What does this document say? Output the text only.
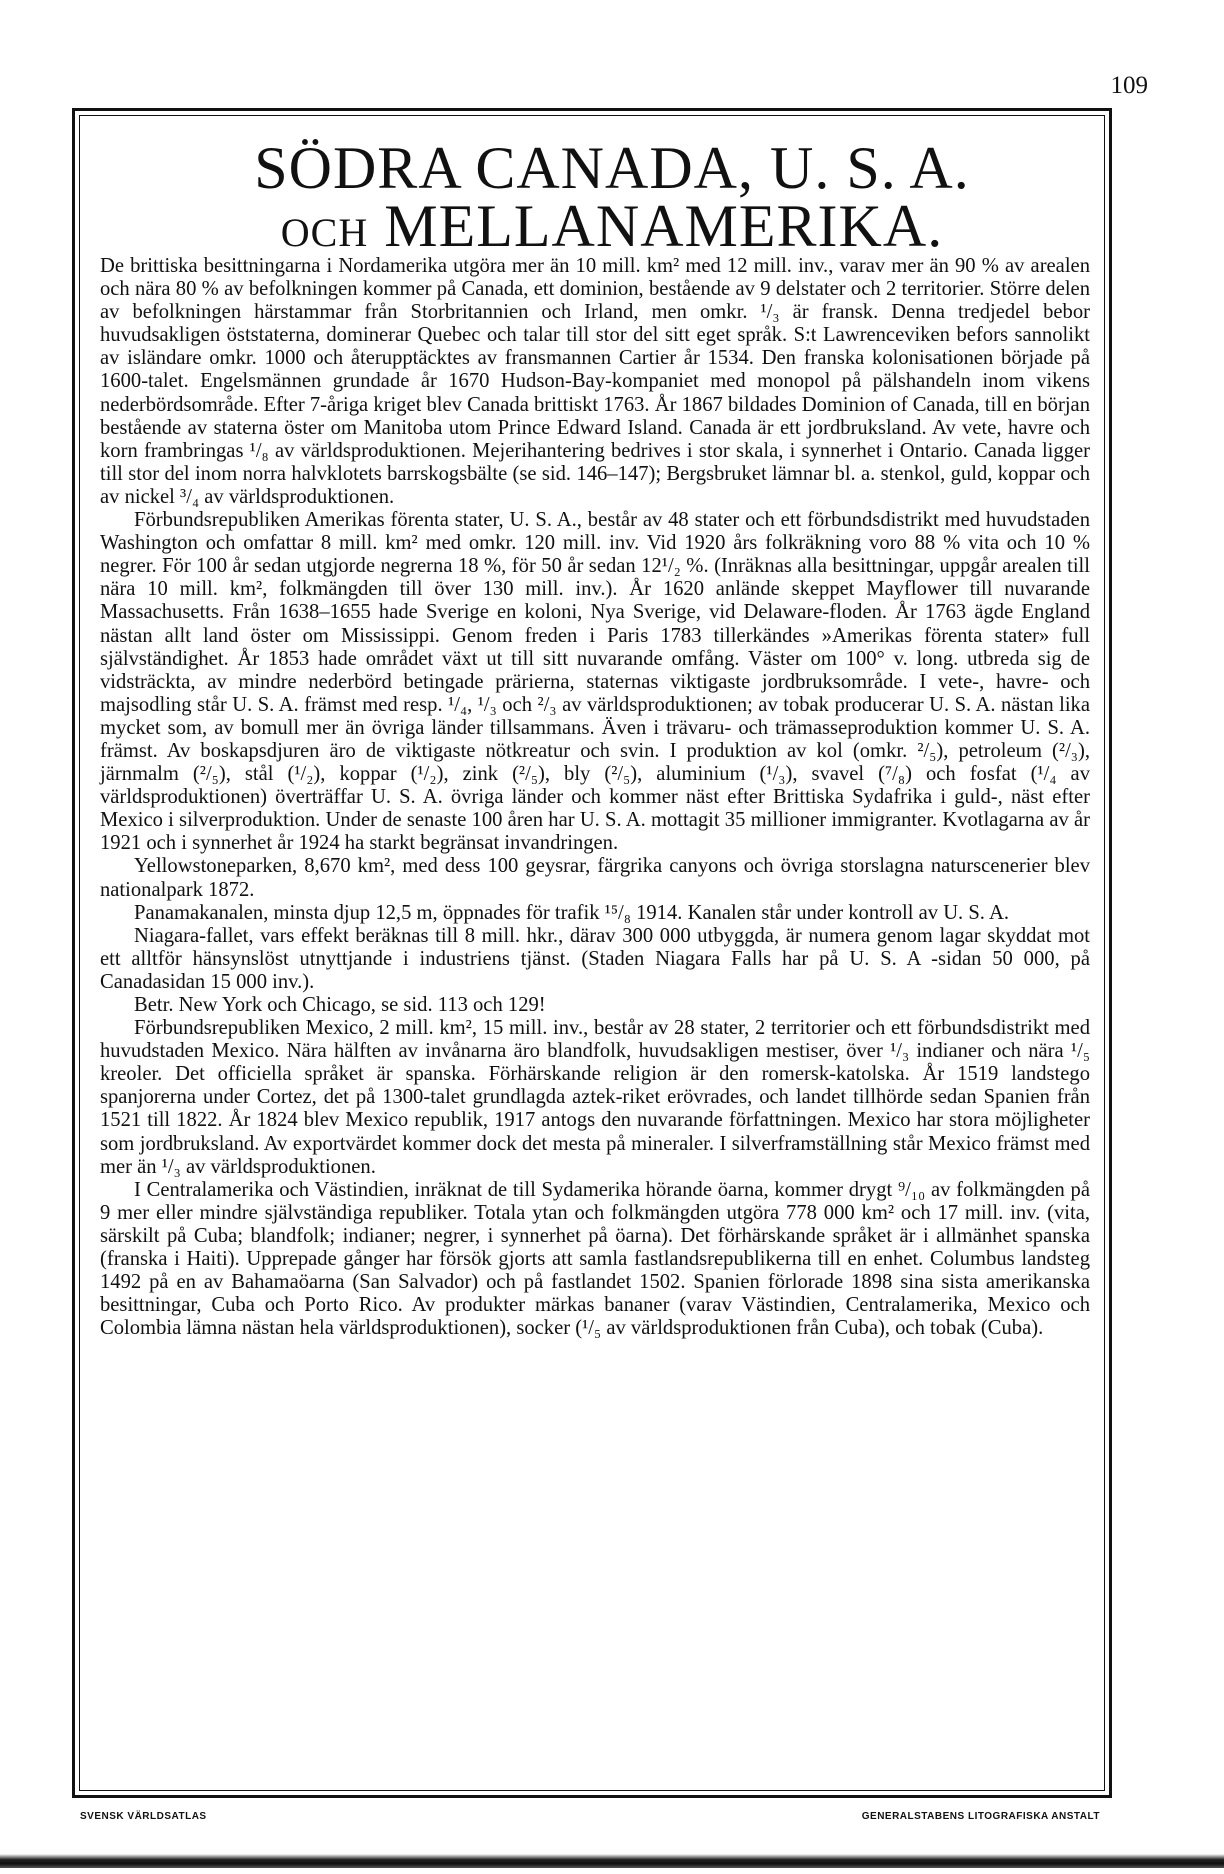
109
SÖDRA CANADA, U. S. A.
OCH MELLANAMERIKA.

De brittiska besittningarna i Nordamerika utgöra mer än 10 mill. km² med 12 mill. inv., varav mer än 90 % av arealen och nära 80 % av befolkningen kommer på Canada, ett dominion, bestående av 9 delstater och 2 territorier. Större delen av befolkningen härstammar från Storbritannien och Irland, men omkr. ¹/₃ är fransk. Denna tredjedel bebor huvudsakligen öststaterna, dominerar Quebec och talar till stor del sitt eget språk. S:t Lawrenceviken befors sannolikt av isländare omkr. 1000 och återupptäcktes av fransmannen Cartier år 1534. Den franska kolonisationen började på 1600-talet. Engelsmännen grundade år 1670 Hudson-Bay-kompaniet med monopol på pälshandeln inom vikens nederbördsområde. Efter 7-åriga kriget blev Canada brittiskt 1763. År 1867 bildades Dominion of Canada, till en början bestående av staterna öster om Manitoba utom Prince Edward Island. Canada är ett jordbruksland. Av vete, havre och korn frambringas ¹/₈ av världsproduktionen. Mejerihantering bedrives i stor skala, i synnerhet i Ontario. Canada ligger till stor del inom norra halvklotets barrskogsbälte (se sid. 146–147); Bergsbruket lämnar bl. a. stenkol, guld, koppar och av nickel ³/₄ av världsproduktionen.

Förbundsrepubliken Amerikas förenta stater, U. S. A., består av 48 stater och ett förbundsdistrikt med huvudstaden Washington och omfattar 8 mill. km² med omkr. 120 mill. inv. Vid 1920 års folkräkning voro 88 % vita och 10 % negrer. För 100 år sedan utgjorde negrerna 18 %, för 50 år sedan 12¹/₂ %. (Inräknas alla besittningar, uppgår arealen till nära 10 mill. km², folkmängden till över 130 mill. inv.). År 1620 anlände skeppet Mayflower till nuvarande Massachusetts. Från 1638–1655 hade Sverige en koloni, Nya Sverige, vid Delaware-floden. År 1763 ägde England nästan allt land öster om Mississippi. Genom freden i Paris 1783 tillerkändes »Amerikas förenta stater» full självständighet. År 1853 hade området växt ut till sitt nuvarande omfång. Väster om 100° v. long. utbreda sig de vidsträckta, av mindre nederbörd betingade prärierna, staternas viktigaste jordbruksområde. I vete-, havre- och majsodling står U. S. A. främst med resp. ¹/₄, ¹/₃ och ²/₃ av världsproduktionen; av tobak producerar U. S. A. nästan lika mycket som, av bomull mer än övriga länder tillsammans. Även i trävaru- och trämasseproduktion kommer U. S. A. främst. Av boskapsdjuren äro de viktigaste nötkreatur och svin. I produktion av kol (omkr. ²/₅), petroleum (²/₃), järnmalm (²/₅), stål (¹/₂), koppar (¹/₂), zink (²/₅), bly (²/₅), aluminium (¹/₃), svavel (⁷/₈) och fosfat (¹/₄ av världsproduktionen) överträffar U. S. A. övriga länder och kommer näst efter Brittiska Sydafrika i guld-, näst efter Mexico i silverproduktion. Under de senaste 100 åren har U. S. A. mottagit 35 millioner immigranter. Kvotlagarna av år 1921 och i synnerhet år 1924 ha starkt begränsat invandringen.

Yellowstoneparken, 8,670 km², med dess 100 geysrar, färgrika canyons och övriga storslagna naturscenerier blev nationalpark 1872.

Panamakanalen, minsta djup 12,5 m, öppnades för trafik ¹⁵/₈ 1914. Kanalen står under kontroll av U. S. A.

Niagara-fallet, vars effekt beräknas till 8 mill. hkr., därav 300 000 utbyggda, är numera genom lagar skyddat mot ett alltför hänsynslöst utnyttjande i industriens tjänst. (Staden Niagara Falls har på U. S. A -sidan 50 000, på Canadasidan 15 000 inv.).

Betr. New York och Chicago, se sid. 113 och 129!

Förbundsrepubliken Mexico, 2 mill. km², 15 mill. inv., består av 28 stater, 2 territorier och ett förbundsdistrikt med huvudstaden Mexico. Nära hälften av invånarna äro blandfolk, huvudsakligen mestiser, över ¹/₃ indianer och nära ¹/₅ kreoler. Det officiella språket är spanska. Förhärskande religion är den romersk-katolska. År 1519 landstego spanjorerna under Cortez, det på 1300-talet grundlagda aztek-riket erövrades, och landet tillhörde sedan Spanien från 1521 till 1822. År 1824 blev Mexico republik, 1917 antogs den nuvarande författningen. Mexico har stora möjligheter som jordbruksland. Av exportvärdet kommer dock det mesta på mineraler. I silverframställning står Mexico främst med mer än ¹/₃ av världsproduktionen.

I Centralamerika och Västindien, inräknat de till Sydamerika hörande öarna, kommer drygt ⁹/₁₀ av folkmängden på 9 mer eller mindre självständiga republiker. Totala ytan och folkmängden utgöra 778 000 km² och 17 mill. inv. (vita, särskilt på Cuba; blandfolk; indianer; negrer, i synnerhet på öarna). Det förhärskande språket är i allmänhet spanska (franska i Haiti). Upprepade gånger har försök gjorts att samla fastlandsrepublikerna till en enhet. Columbus landsteg 1492 på en av Bahamaöarna (San Salvador) och på fastlandet 1502. Spanien förlorade 1898 sina sista amerikanska besittningar, Cuba och Porto Rico. Av produkter märkas bananer (varav Västindien, Centralamerika, Mexico och Colombia lämna nästan hela världsproduktionen), socker (¹/₅ av världsproduktionen från Cuba), och tobak (Cuba).

SVENSK VÄRLDSATLAS	GENERALSTABENS LITOGRAFISKA ANSTALT
